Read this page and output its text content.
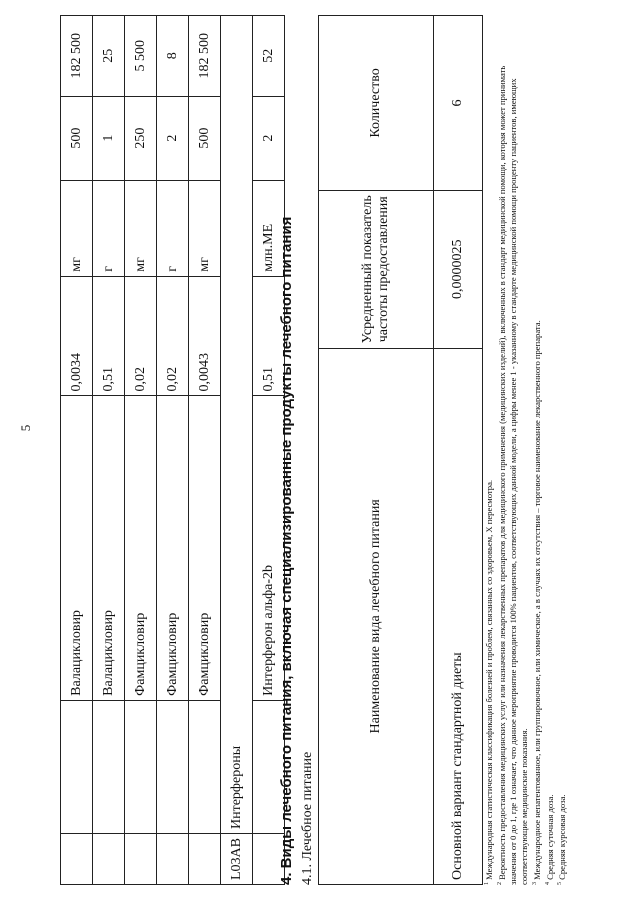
5
		Валацикловир	0,0034	мг	500	182 500
		Валацикловир	0,51	г	1	25
		Фамцикловир	0,02	мг	250	5 500
		Фамцикловир	0,02	г	2	8
		Фамцикловир	0,0043	мг	500	182 500
L03AB	Интерфероны					
		Интерферон альфа-2b	0,51	млн.МЕ	2	52
4. Виды лечебного питания, включая специализированные продукты лечебного питания 4.1. Лечебное питание
Наименование вида лечебного питания	Усредненный показатель частоты предоставления	Количество
Основной вариант стандартной диеты	0,0000025	6

$^1$ Международная статистическая классификация болезней и проблем, связанных со здоровьем, X пересмотра.

$^2$ Вероятность предоставления медицинских услуг или назначения лекарственных препаратов для медицинского применения (медицинских изделий), включенных в стандарт медицинской помощи, которая может принимать значения от 0 до 1, где 1 означает, что данное мероприятие проводится 100% пациентов, соответствующих данной модели, а цифры менее 1 - указанному в стандарте медицинской помощи проценту пациентов, имеющих соответствующие медицинские показания. $^3$ Международное непатентованное, или группировочное, или химическое, а в случаях их отсутствия – торговое наименование лекарственного препарата.

$^4$ Средняя суточная доза.

$^5$ Средняя курсовая доза.
